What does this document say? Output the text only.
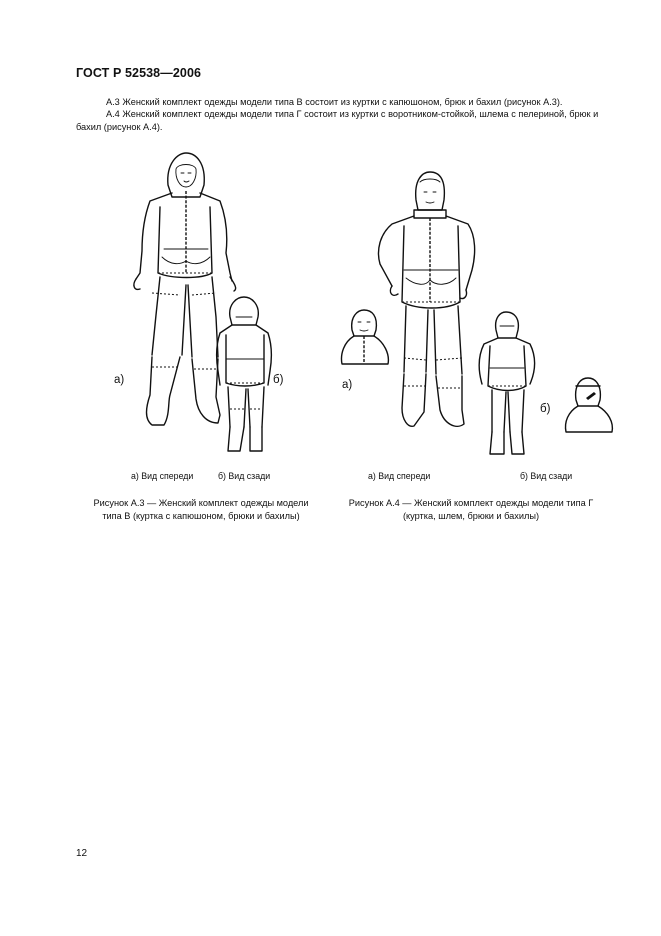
ГОСТ Р 52538—2006
А.3 Женский комплект одежды модели типа В состоит из куртки с капюшоном, брюк и бахил (рисунок А.3).
А.4 Женский комплект одежды модели типа Г состоит из куртки с воротником-стойкой, шлема с пелериной, брюк и бахил (рисунок А.4).
а)	б)
а) Вид спереди	б) Вид сзади
Рисунок А.3 — Женский комплект одежды модели
типа В (куртка с капюшоном, брюки и бахилы)
а)
б)
а) Вид спереди	б) Вид сзади
Рисунок А.4 — Женский комплект одежды модели типа Г
(куртка, шлем, брюки и бахилы)
12
